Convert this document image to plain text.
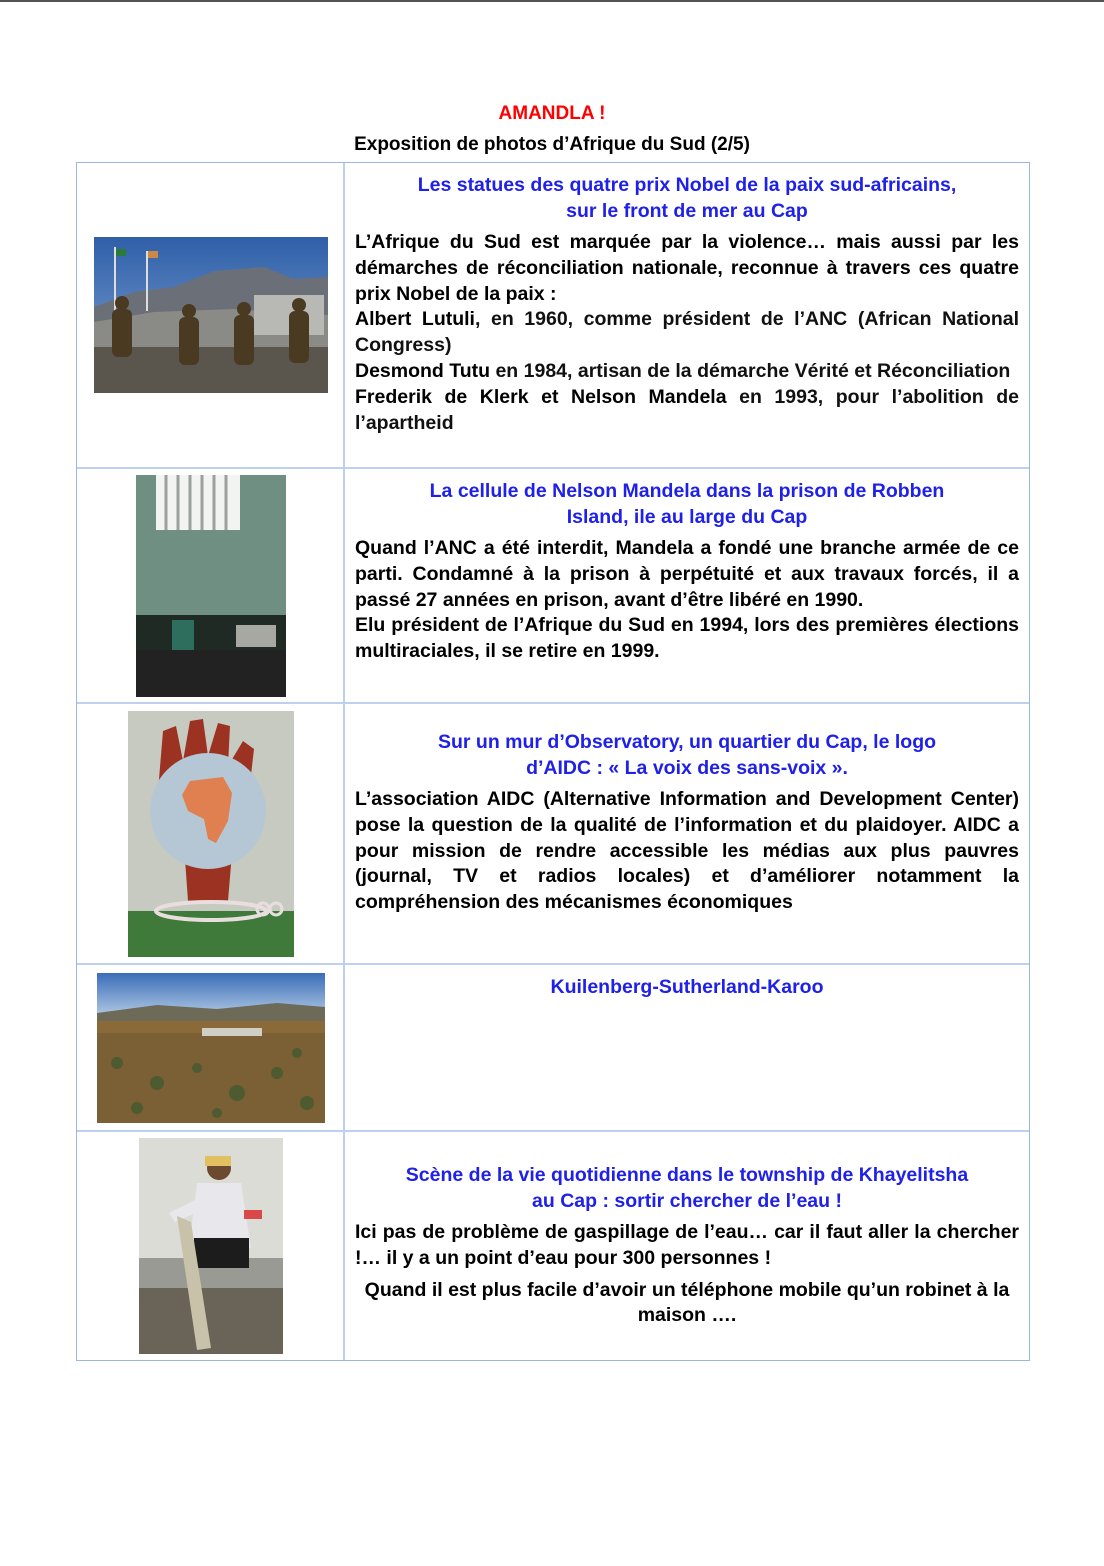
AMANDLA !
Exposition de photos d’Afrique du Sud (2/5)
Les statues des quatre prix Nobel de la paix sud-africains,
sur le front de mer au Cap

L’Afrique du Sud est marquée par la violence… mais aussi par les démarches de réconciliation nationale, reconnue à travers ces quatre prix Nobel de la paix :

Albert Lutuli, en 1960, comme président de l’ANC (African National Congress)

Desmond Tutu en 1984, artisan de la démarche Vérité et Réconciliation

Frederik de Klerk et Nelson Mandela en 1993, pour l’abolition de l’apartheid

La cellule de Nelson Mandela dans la prison de Robben
Island, ile au large du Cap

Quand l’ANC a été interdit, Mandela a fondé une branche armée de ce parti. Condamné à la prison à perpétuité et aux travaux forcés, il a passé 27 années en prison, avant d’être libéré en 1990.

Elu président de l’Afrique du Sud en 1994, lors des premières élections multiraciales, il se retire en 1999.

Sur un mur d’Observatory, un quartier du Cap, le logo
d’AIDC : « La voix des sans-voix ».

L’association AIDC (Alternative Information and Development Center) pose la question de la qualité de l’information et du plaidoyer. AIDC a pour mission de rendre accessible les médias aux plus pauvres (journal, TV et radios locales) et d’améliorer notamment la compréhension des mécanismes économiques

Kuilenberg-Sutherland-Karoo
Scène de la vie quotidienne dans le township de Khayelitsha
au Cap : sortir chercher de l’eau !

Ici pas de problème de gaspillage de l’eau… car il faut aller la chercher !… il y a un point d’eau pour 300 personnes !

Quand il est plus facile d’avoir un téléphone mobile qu’un robinet à la maison ….
